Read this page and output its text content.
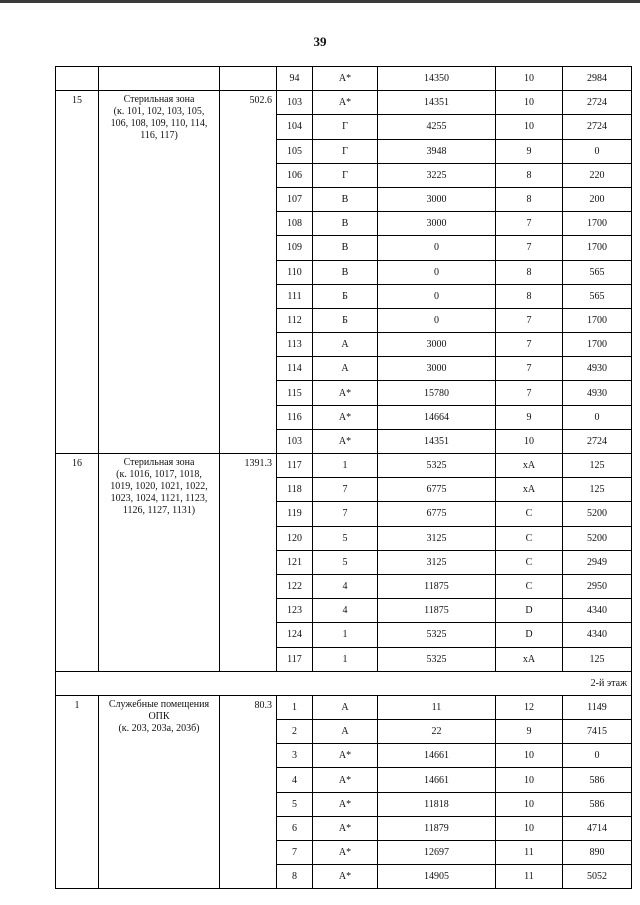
39
			94	А*	14350	10	2984
15	Стерильная зона
(к. 101, 102, 103, 105,
106, 108, 109, 110, 114,
116, 117)	502.6	103	А*	14351	10	2724
			104	Г	4255	10	2724
			105	Г	3948	9	0
			106	Г	3225	8	220
			107	В	3000	8	200
			108	В	3000	7	1700
			109	В	0	7	1700
			110	В	0	8	565
			111	Б	0	8	565
			112	Б	0	7	1700
			113	А	3000	7	1700
			114	А	3000	7	4930
			115	А*	15780	7	4930
			116	А*	14664	9	0
			103	А*	14351	10	2724
16	Стерильная зона
(к. 1016, 1017, 1018,
1019, 1020, 1021, 1022,
1023, 1024, 1121, 1123,
1126, 1127, 1131)	1391.3	117	1	5325	хА	125
			118	7	6775	хА	125
			119	7	6775	C	5200
			120	5	3125	C	5200
			121	5	3125	C	2949
			122	4	11875	C	2950
			123	4	11875	D	4340
			124	1	5325	D	4340
			117	1	5325	хА	125
2-й этаж							
1	Служебные помещения
ОПК
(к. 203, 203а, 203б)	80.3	1	А	11	12	1149
			2	А	22	9	7415
			3	А*	14661	10	0
			4	А*	14661	10	586
			5	А*	11818	10	586
			6	А*	11879	10	4714
			7	А*	12697	11	890
			8	А*	14905	11	5052
